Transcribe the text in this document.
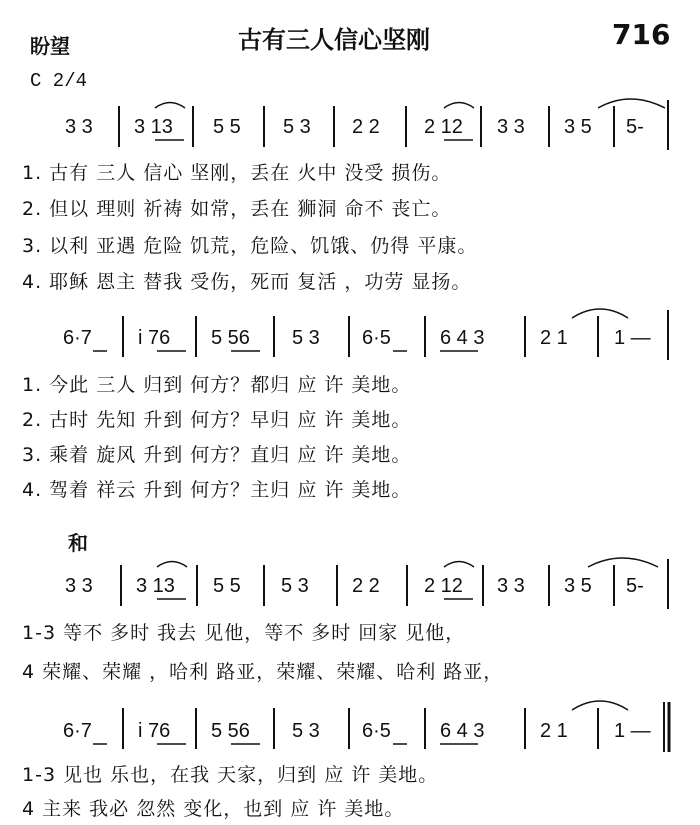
盼望	古有三人信心坚刚	716
C 2/4
3 3 3 13 5 5 5 3 2 2 2 12 3 3 3 5 5-
6·7 i 76 5 56 5 3 6·5 6 4 3	2 1 1 —
3 3 3 13 5 5 5 3 2 2 2 12 3 3 3 5 5-
6·7 i 76 5 56 5 3 6·5 6 4 3	2 1 1 —
1. 古有 三人 信心 坚刚，丢在 火中 没受 损伤。
2. 但以 理则 祈祷 如常，丢在 狮洞 命不 丧亡。
3. 以利 亚遇 危险 饥荒，危险、饥饿、仍得 平康。
4. 耶稣 恩主 替我 受伤，死而 复活 ，功劳 显扬。
1. 今此 三人 归到 何方？都归 应 许 美地。
2. 古时 先知 升到 何方？早归 应 许 美地。
3. 乘着 旋风 升到 何方？直归 应 许 美地。
4. 驾着 祥云 升到 何方？主归 应 许 美地。
和
1-3 等不 多时 我去 见他，等不 多时 回家 见他，
4 荣耀、荣耀 ，哈利 路亚，荣耀、荣耀、哈利 路亚，
1-3 见也 乐也，在我 天家，归到 应 许 美地。
4 主来 我必 忽然 变化，也到 应 许 美地。
